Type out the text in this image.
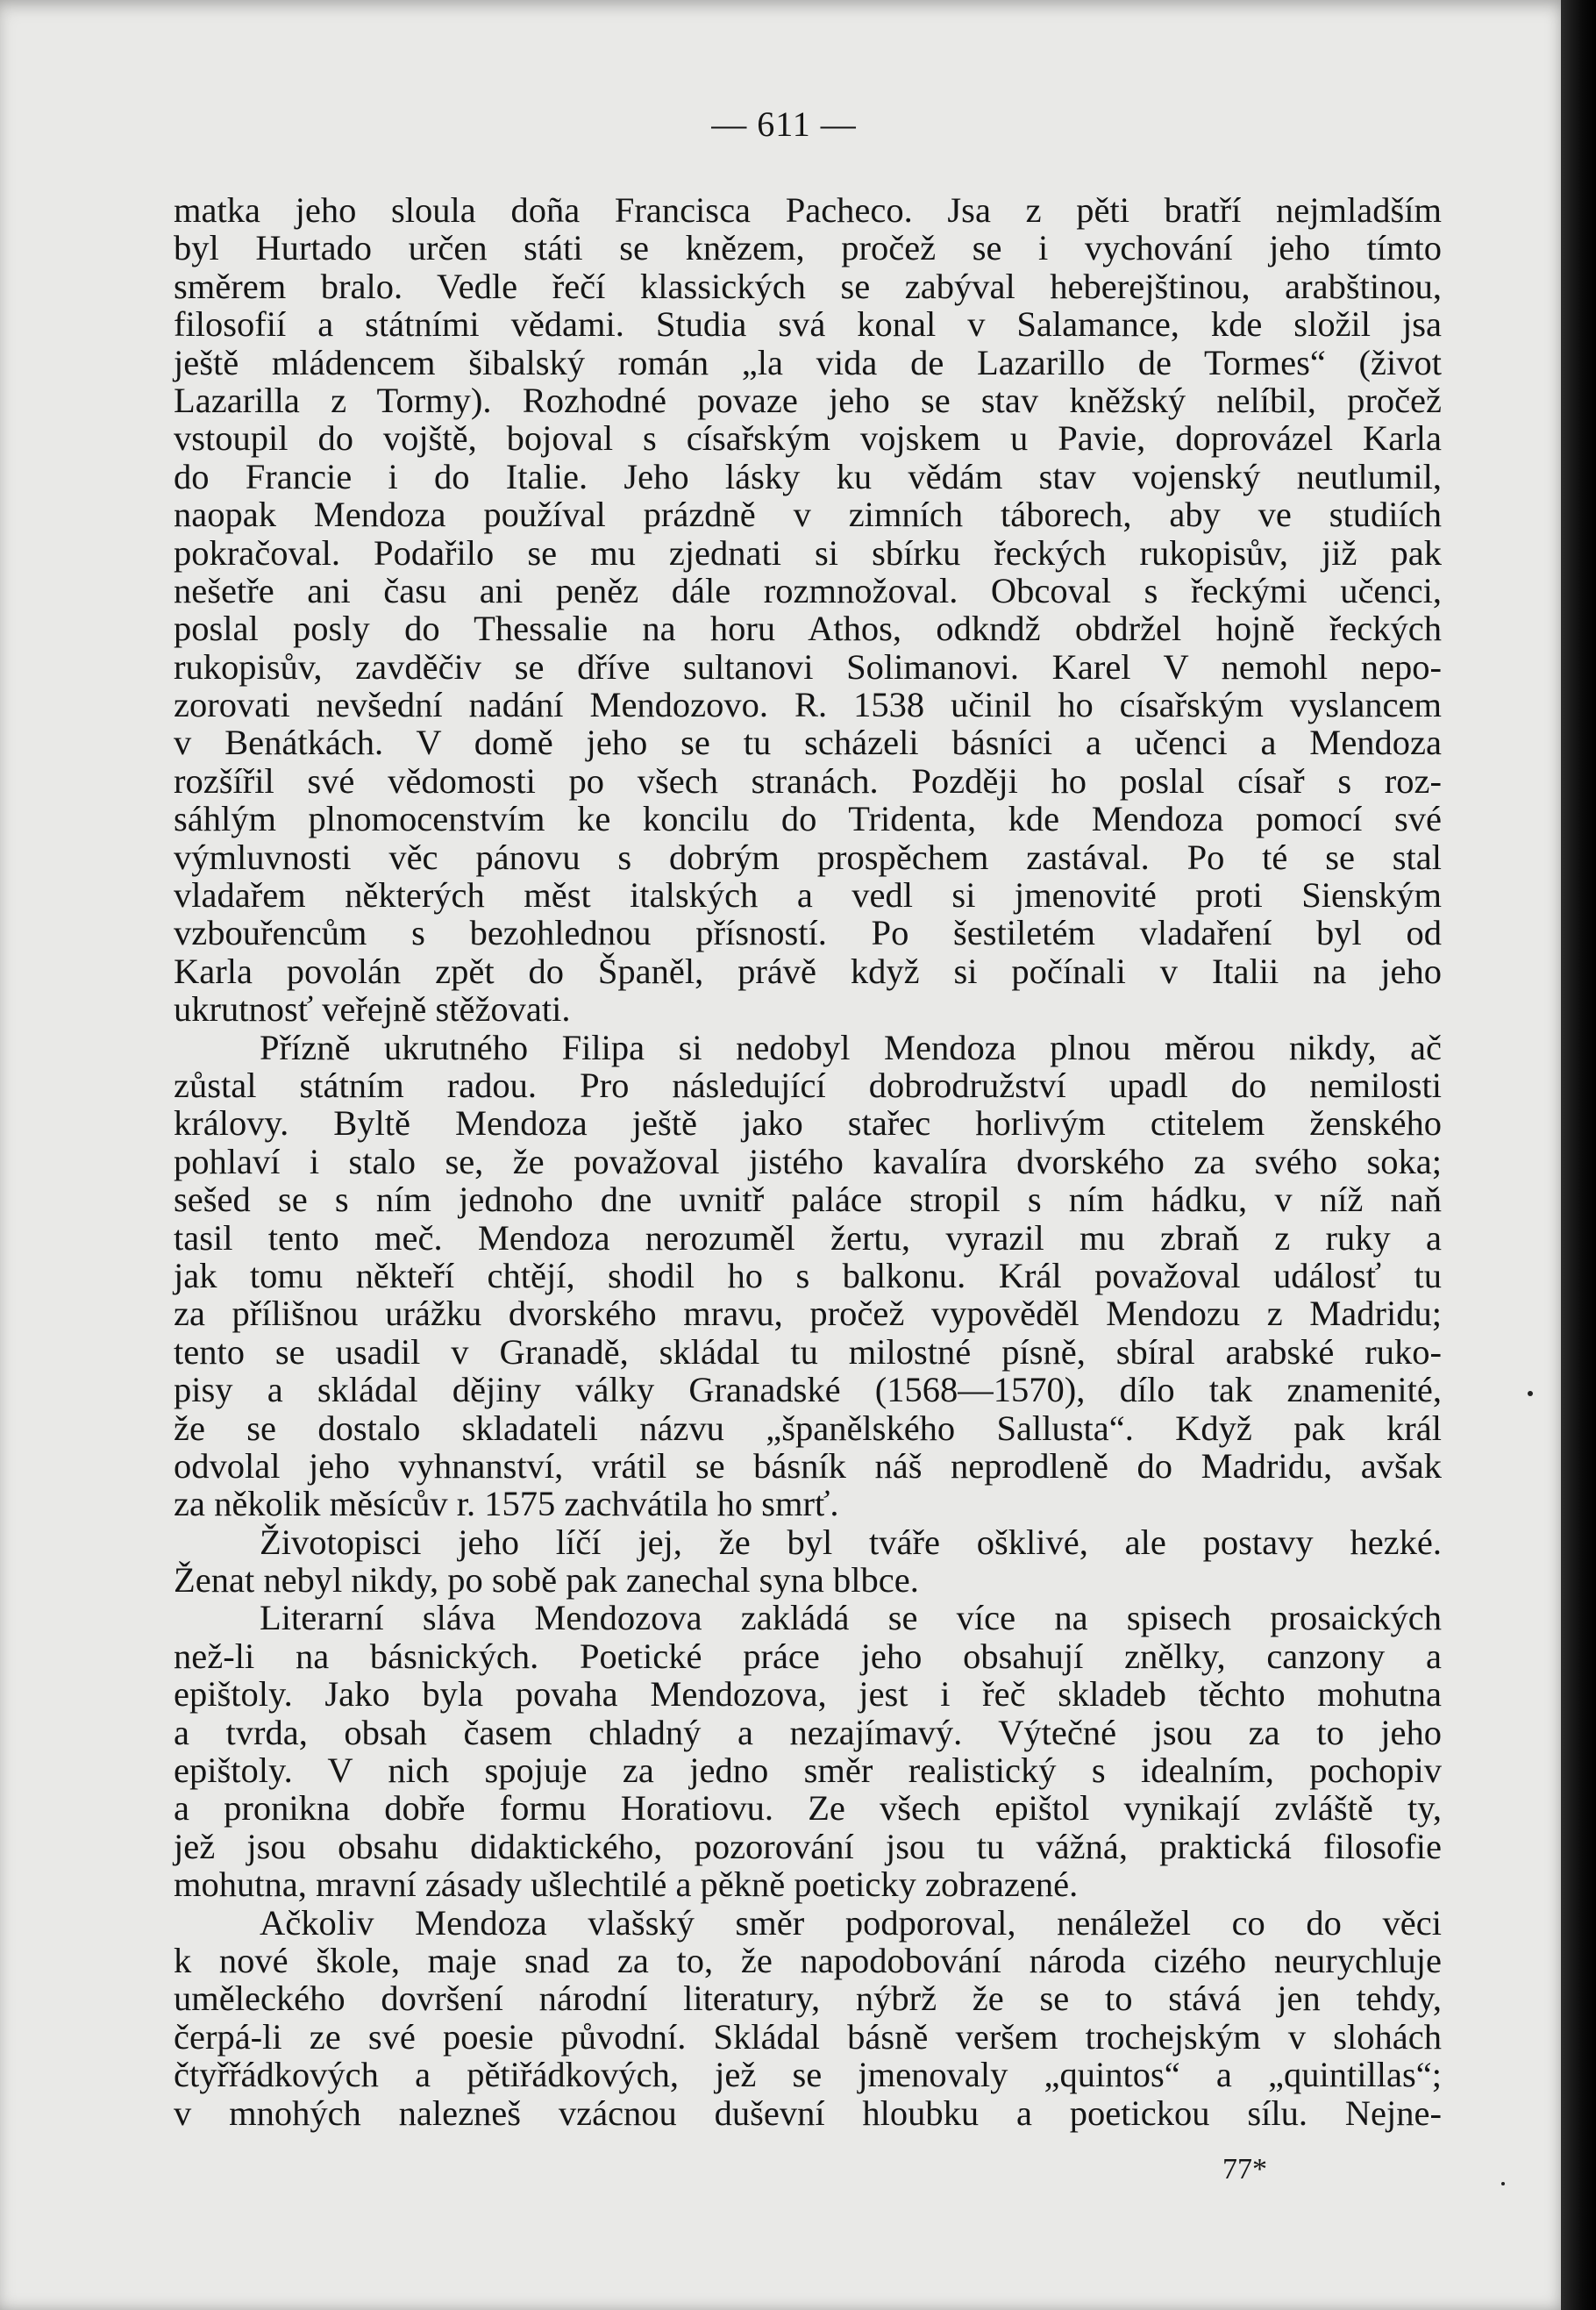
— 611 —

matka jeho sloula doña Francisca Pacheco. Jsa z pěti bratří nejmladším
byl Hurtado určen státi se knězem, pročež se i vychování jeho tímto
směrem bralo. Vedle řečí klassických se zabýval heberejštinou, arabštinou,
filosofií a státními vědami. Studia svá konal v Salamance, kde složil jsa
ještě mládencem šibalský román „la vida de Lazarillo de Tormes“ (život
Lazarilla z Tormy). Rozhodné povaze jeho se stav kněžský nelíbil, pročež
vstoupil do vojště, bojoval s císařským vojskem u Pavie, doprovázel Karla
do Francie i do Italie. Jeho lásky ku vědám stav vojenský neutlumil,
naopak Mendoza používal prázdně v zimních táborech, aby ve studiích
pokračoval. Podařilo se mu zjednati si sbírku řeckých rukopisův, již pak
nešetře ani času ani peněz dále rozmnožoval. Obcoval s řeckými učenci,
poslal posly do Thessalie na horu Athos, odkndž obdržel hojně řeckých
rukopisův, zavděčiv se dříve sultanovi Solimanovi. Karel V nemohl nepo-
zorovati nevšední nadání Mendozovo. R. 1538 učinil ho císařským vyslancem
v Benátkách. V domě jeho se tu scházeli básníci a učenci a Mendoza
rozšířil své vědomosti po všech stranách. Později ho poslal císař s roz-
sáhlým plnomocenstvím ke koncilu do Tridenta, kde Mendoza pomocí své
výmluvnosti věc pánovu s dobrým prospěchem zastával. Po té se stal
vladařem některých měst italských a vedl si jmenovité proti Sienským
vzbouřencům s bezohlednou přísností. Po šestiletém vladaření byl od
Karla povolán zpět do Španěl, právě když si počínali v Italii na jeho
ukrutnosť veřejně stěžovati.

Přízně ukrutného Filipa si nedobyl Mendoza plnou měrou nikdy, ač
zůstal státním radou. Pro následující dobrodružství upadl do nemilosti
královy. Byltě Mendoza ještě jako stařec horlivým ctitelem ženského
pohlaví i stalo se, že považoval jistého kavalíra dvorského za svého soka;
sešed se s ním jednoho dne uvnitř paláce stropil s ním hádku, v níž naň
tasil tento meč. Mendoza nerozuměl žertu, vyrazil mu zbraň z ruky a
jak tomu někteří chtějí, shodil ho s balkonu. Král považoval událosť tu
za přílišnou urážku dvorského mravu, pročež vypověděl Mendozu z Madridu;
tento se usadil v Granadě, skládal tu milostné písně, sbíral arabské ruko-
pisy a skládal dějiny války Granadské (1568—1570), dílo tak znamenité,
že se dostalo skladateli názvu „španělského Sallusta“. Když pak král
odvolal jeho vyhnanství, vrátil se básník náš neprodleně do Madridu, avšak
za několik měsícův r. 1575 zachvátila ho smrť.

Životopisci jeho líčí jej, že byl tváře ošklivé, ale postavy hezké.
Ženat nebyl nikdy, po sobě pak zanechal syna blbce.

Literarní sláva Mendozova zakládá se více na spisech prosaických
než-li na básnických. Poetické práce jeho obsahují znělky, canzony a
epištoly. Jako byla povaha Mendozova, jest i řeč skladeb těchto mohutna
a tvrda, obsah časem chladný a nezajímavý. Výtečné jsou za to jeho
epištoly. V nich spojuje za jedno směr realistický s idealním, pochopiv
a pronikna dobře formu Horatiovu. Ze všech epištol vynikají zvláště ty,
jež jsou obsahu didaktického, pozorování jsou tu vážná, praktická filosofie
mohutna, mravní zásady ušlechtilé a pěkně poeticky zobrazené.

Ačkoliv Mendoza vlašský směr podporoval, nenáležel co do věci
k nové škole, maje snad za to, že napodobování národa cizého neurychluje
uměleckého dovršení národní literatury, nýbrž že se to stává jen tehdy,
čerpá-li ze své poesie původní. Skládal básně veršem trochejským v slohách
čtyřřádkových a pětiřádkových, jež se jmenovaly „quintos“ a „quintillas“;
v mnohých nalezneš vzácnou duševní hloubku a poetickou sílu. Nejne-

77*
